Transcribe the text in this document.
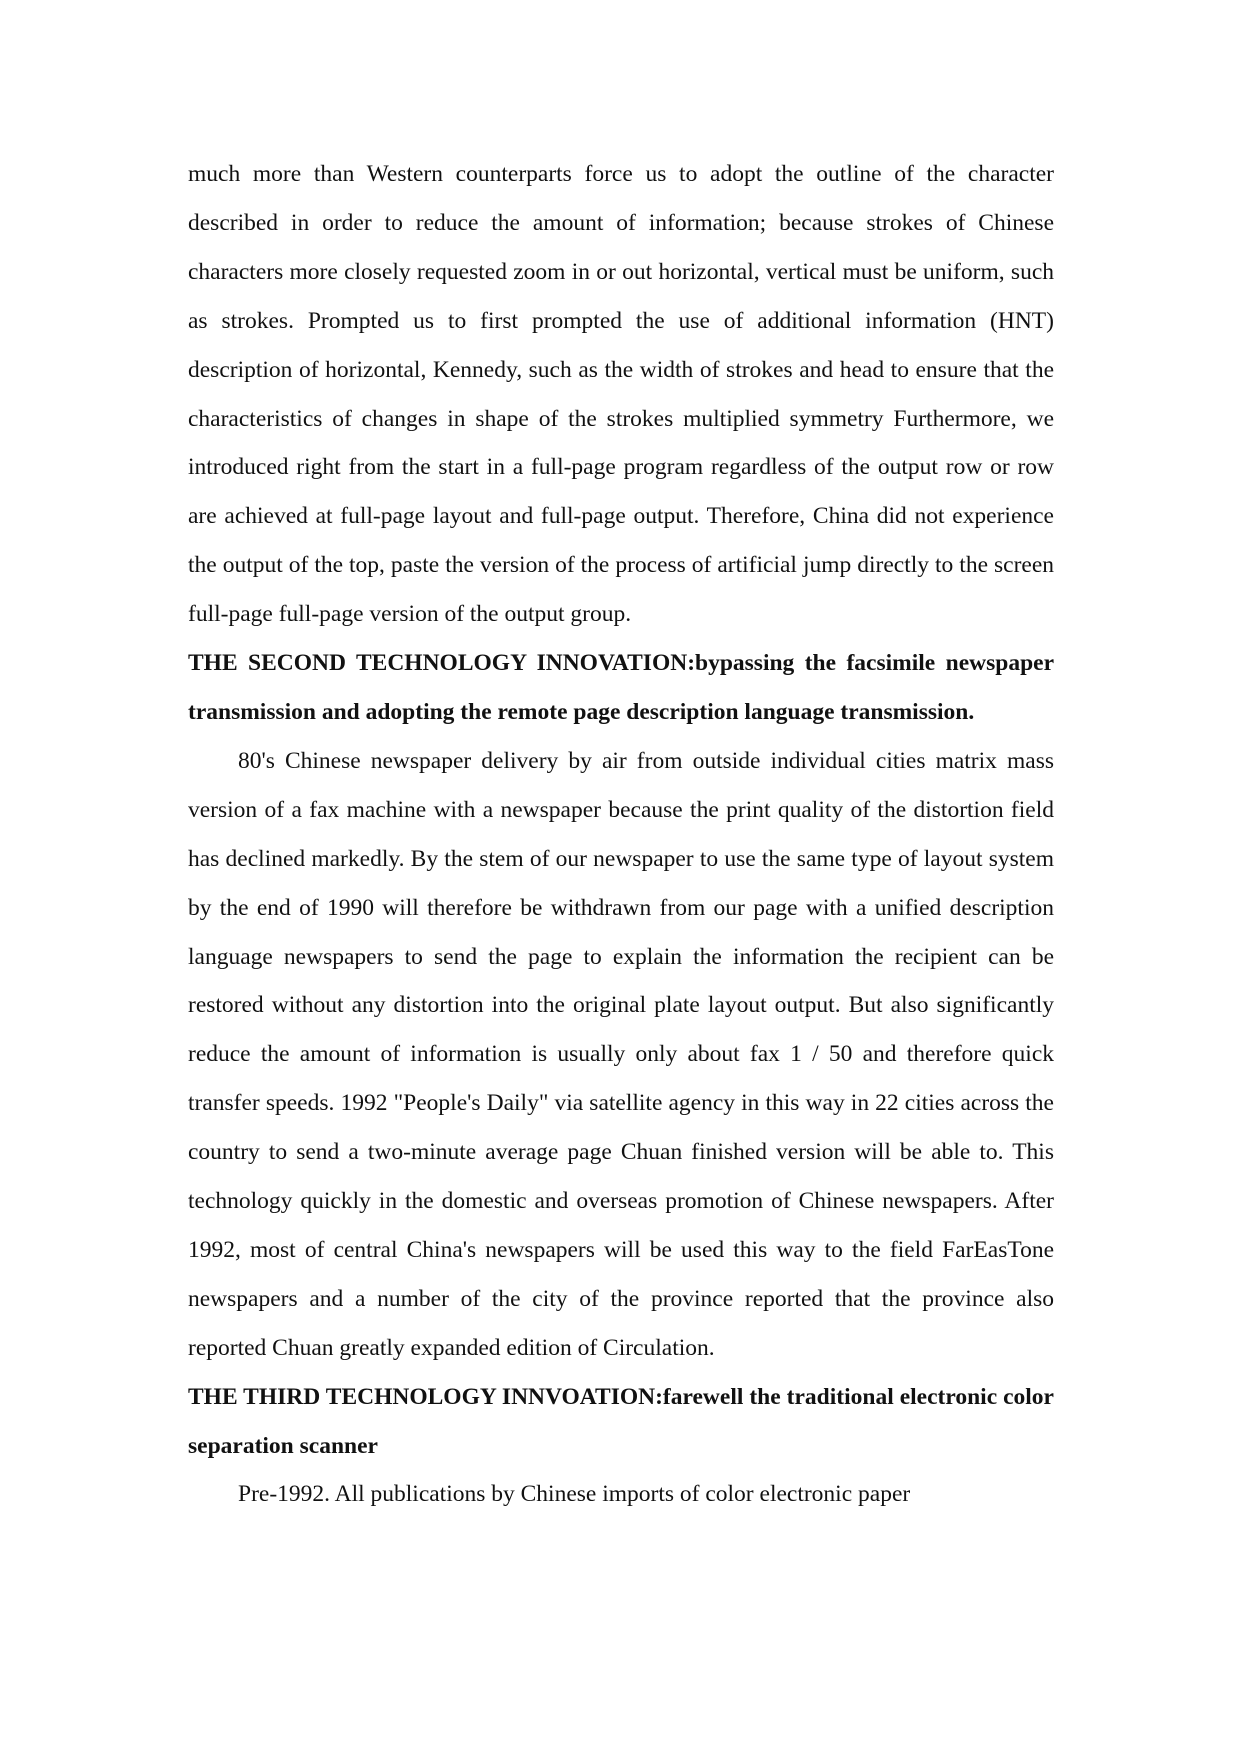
much more than Western counterparts force us to adopt the outline of the character described in order to reduce the amount of information; because strokes of Chinese characters more closely requested zoom in or out horizontal, vertical must be uniform, such as strokes. Prompted us to first prompted the use of additional information (HNT) description of horizontal, Kennedy, such as the width of strokes and head to ensure that the characteristics of changes in shape of the strokes multiplied symmetry Furthermore, we introduced right from the start in a full-page program regardless of the output row or row are achieved at full-page layout and full-page output. Therefore, China did not experience the output of the top, paste the version of the process of artificial jump directly to the screen full-page full-page version of the output group.

THE SECOND TECHNOLOGY INNOVATION:bypassing the facsimile newspaper transmission and adopting the remote page description language transmission.

80's Chinese newspaper delivery by air from outside individual cities matrix mass version of a fax machine with a newspaper because the print quality of the distortion field has declined markedly. By the stem of our newspaper to use the same type of layout system by the end of 1990 will therefore be withdrawn from our page with a unified description language newspapers to send the page to explain the information the recipient can be restored without any distortion into the original plate layout output. But also significantly reduce the amount of information is usually only about fax 1 / 50 and therefore quick transfer speeds. 1992 "People's Daily" via satellite agency in this way in 22 cities across the country to send a two-minute average page Chuan finished version will be able to. This technology quickly in the domestic and overseas promotion of Chinese newspapers. After 1992, most of central China's newspapers will be used this way to the field FarEasTone newspapers and a number of the city of the province reported that the province also reported Chuan greatly expanded edition of Circulation.

THE THIRD TECHNOLOGY INNVOATION:farewell the traditional electronic color separation scanner

Pre-1992. All publications by Chinese imports of color electronic paper
